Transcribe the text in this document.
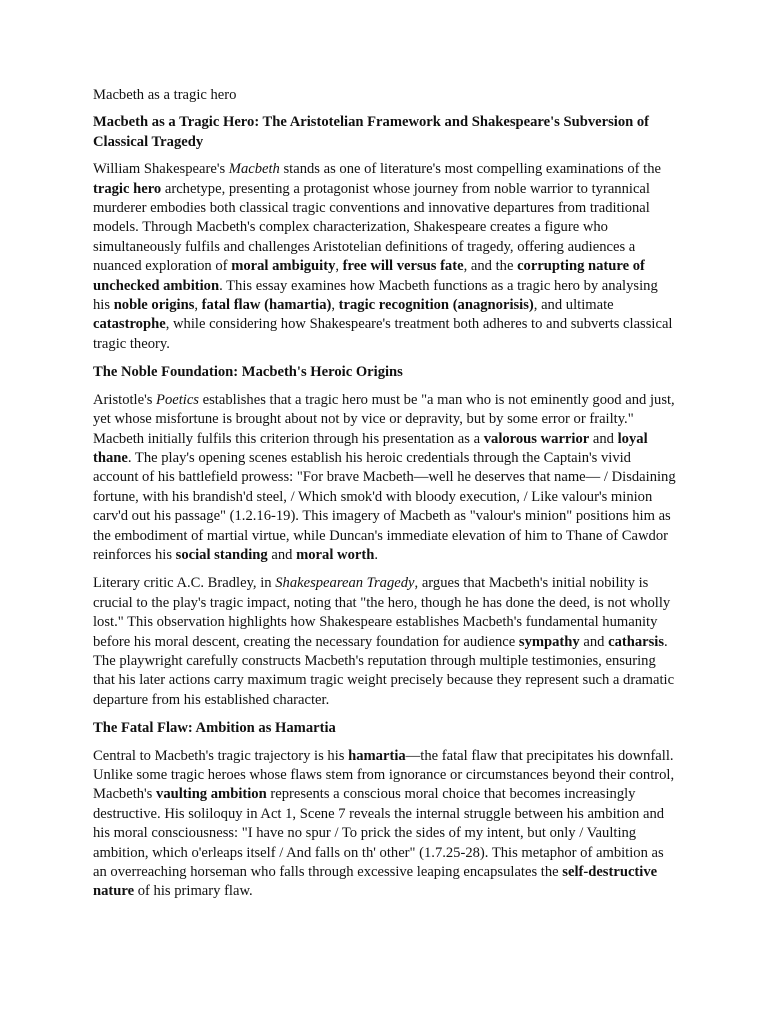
Macbeth as a tragic hero

Macbeth as a Tragic Hero: The Aristotelian Framework and Shakespeare's Subversion of Classical Tragedy

William Shakespeare's Macbeth stands as one of literature's most compelling examinations of the tragic hero archetype, presenting a protagonist whose journey from noble warrior to tyrannical murderer embodies both classical tragic conventions and innovative departures from traditional models. Through Macbeth's complex characterization, Shakespeare creates a figure who simultaneously fulfils and challenges Aristotelian definitions of tragedy, offering audiences a nuanced exploration of moral ambiguity, free will versus fate, and the corrupting nature of unchecked ambition. This essay examines how Macbeth functions as a tragic hero by analysing his noble origins, fatal flaw (hamartia), tragic recognition (anagnorisis), and ultimate catastrophe, while considering how Shakespeare's treatment both adheres to and subverts classical tragic theory.

The Noble Foundation: Macbeth's Heroic Origins

Aristotle's Poetics establishes that a tragic hero must be "a man who is not eminently good and just, yet whose misfortune is brought about not by vice or depravity, but by some error or frailty." Macbeth initially fulfils this criterion through his presentation as a valorous warrior and loyal thane. The play's opening scenes establish his heroic credentials through the Captain's vivid account of his battlefield prowess: "For brave Macbeth—well he deserves that name— / Disdaining fortune, with his brandish'd steel, / Which smok'd with bloody execution, / Like valour's minion carv'd out his passage" (1.2.16-19). This imagery of Macbeth as "valour's minion" positions him as the embodiment of martial virtue, while Duncan's immediate elevation of him to Thane of Cawdor reinforces his social standing and moral worth.

Literary critic A.C. Bradley, in Shakespearean Tragedy, argues that Macbeth's initial nobility is crucial to the play's tragic impact, noting that "the hero, though he has done the deed, is not wholly lost." This observation highlights how Shakespeare establishes Macbeth's fundamental humanity before his moral descent, creating the necessary foundation for audience sympathy and catharsis. The playwright carefully constructs Macbeth's reputation through multiple testimonies, ensuring that his later actions carry maximum tragic weight precisely because they represent such a dramatic departure from his established character.

The Fatal Flaw: Ambition as Hamartia

Central to Macbeth's tragic trajectory is his hamartia—the fatal flaw that precipitates his downfall. Unlike some tragic heroes whose flaws stem from ignorance or circumstances beyond their control, Macbeth's vaulting ambition represents a conscious moral choice that becomes increasingly destructive. His soliloquy in Act 1, Scene 7 reveals the internal struggle between his ambition and his moral consciousness: "I have no spur / To prick the sides of my intent, but only / Vaulting ambition, which o'erleaps itself / And falls on th' other" (1.7.25-28). This metaphor of ambition as an overreaching horseman who falls through excessive leaping encapsulates the self-destructive nature of his primary flaw.
